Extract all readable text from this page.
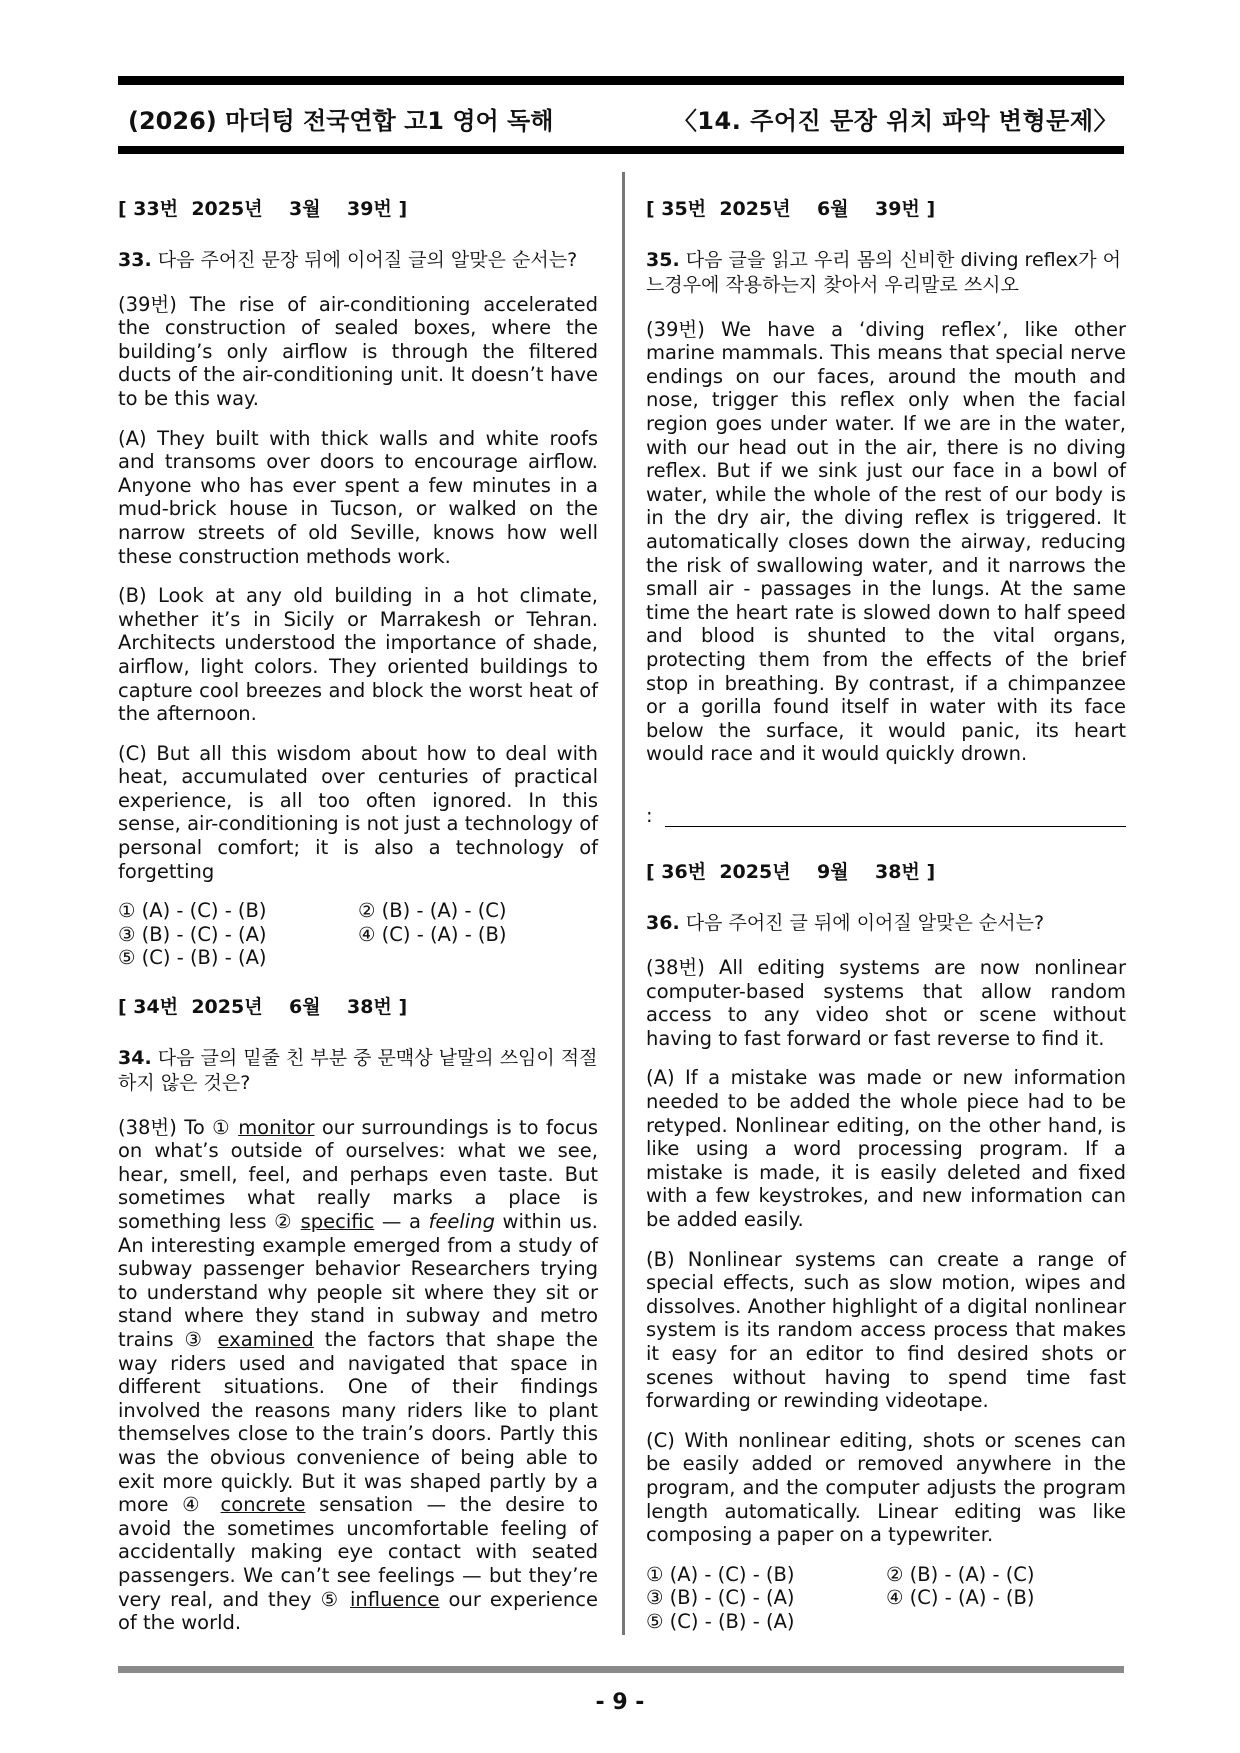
(2026) 마더텅 전국연합 고1 영어 독해	〈14. 주어진 문장 위치 파악 변형문제〉
[ 33번  2025년    3월    39번 ]
33. 다음 주어진 문장 뒤에 이어질 글의 알맞은 순서는?
(39번) The rise of air-conditioning accelerated the construction of sealed boxes, where the building’s only airflow is through the filtered ducts of the air-conditioning unit. It doesn’t have to be this way.
(A) They built with thick walls and white roofs and transoms over doors to encourage airflow. Anyone who has ever spent a few minutes in a mud-brick house in Tucson, or walked on the narrow streets of old Seville, knows how well these construction methods work.
(B) Look at any old building in a hot climate, whether it’s in Sicily or Marrakesh or Tehran. Architects understood the importance of shade, airflow, light colors. They oriented buildings to capture cool breezes and block the worst heat of the afternoon.
(C) But all this wisdom about how to deal with heat, accumulated over centuries of practical experience, is all too often ignored. In this sense, air-conditioning is not just a technology of personal comfort; it is also a technology of forgetting
① (A) - (C) - (B)	② (B) - (A) - (C)
③ (B) - (C) - (A)	④ (C) - (A) - (B)
⑤ (C) - (B) - (A)
[ 34번  2025년    6월    38번 ]
34. 다음 글의 밑줄 친 부분 중 문맥상 낱말의 쓰임이 적절하지 않은 것은?
(38번) To ① monitor our surroundings is to focus on what’s outside of ourselves: what we see, hear, smell, feel, and perhaps even taste. But sometimes what really marks a place is something less ② specific — a feeling within us. An interesting example emerged from a study of subway passenger behavior Researchers trying to understand why people sit where they sit or stand where they stand in subway and metro trains ③ examined the factors that shape the way riders used and navigated that space in different situations. One of their findings involved the reasons many riders like to plant themselves close to the train’s doors. Partly this was the obvious convenience of being able to exit more quickly. But it was shaped partly by a more ④ concrete sensation — the desire to avoid the sometimes uncomfortable feeling of accidentally making eye contact with seated passengers. We can’t see feelings — but they’re very real, and they ⑤ influence our experience of the world.
[ 35번  2025년    6월    39번 ]
35. 다음 글을 읽고 우리 몸의 신비한 diving reflex가 어느경우에 작용하는지 찾아서 우리말로 쓰시오
(39번) We have a ‘diving reflex’, like other marine mammals. This means that special nerve endings on our faces, around the mouth and nose, trigger this reflex only when the facial region goes under water. If we are in the water, with our head out in the air, there is no diving reflex. But if we sink just our face in a bowl of water, while the whole of the rest of our body is in the dry air, the diving reflex is triggered. It automatically closes down the airway, reducing the risk of swallowing water, and it narrows the small air - passages in the lungs. At the same time the heart rate is slowed down to half speed and blood is shunted to the vital organs, protecting them from the effects of the brief stop in breathing. By contrast, if a chimpanzee or a gorilla found itself in water with its face below the surface, it would panic, its heart would race and it would quickly drown.
:
[ 36번  2025년    9월    38번 ]
36. 다음 주어진 글 뒤에 이어질 알맞은 순서는?
(38번) All editing systems are now nonlinear computer-based systems that allow random access to any video shot or scene without having to fast forward or fast reverse to find it.
(A) If a mistake was made or new information needed to be added the whole piece had to be retyped. Nonlinear editing, on the other hand, is like using a word processing program. If a mistake is made, it is easily deleted and fixed with a few keystrokes, and new information can be added easily.
(B) Nonlinear systems can create a range of special effects, such as slow motion, wipes and dissolves. Another highlight of a digital nonlinear system is its random access process that makes it easy for an editor to find desired shots or scenes without having to spend time fast forwarding or rewinding videotape.
(C) With nonlinear editing, shots or scenes can be easily added or removed anywhere in the program, and the computer adjusts the program length automatically. Linear editing was like composing a paper on a typewriter.
① (A) - (C) - (B)	② (B) - (A) - (C)
③ (B) - (C) - (A)	④ (C) - (A) - (B)
⑤ (C) - (B) - (A)
- 9 -
